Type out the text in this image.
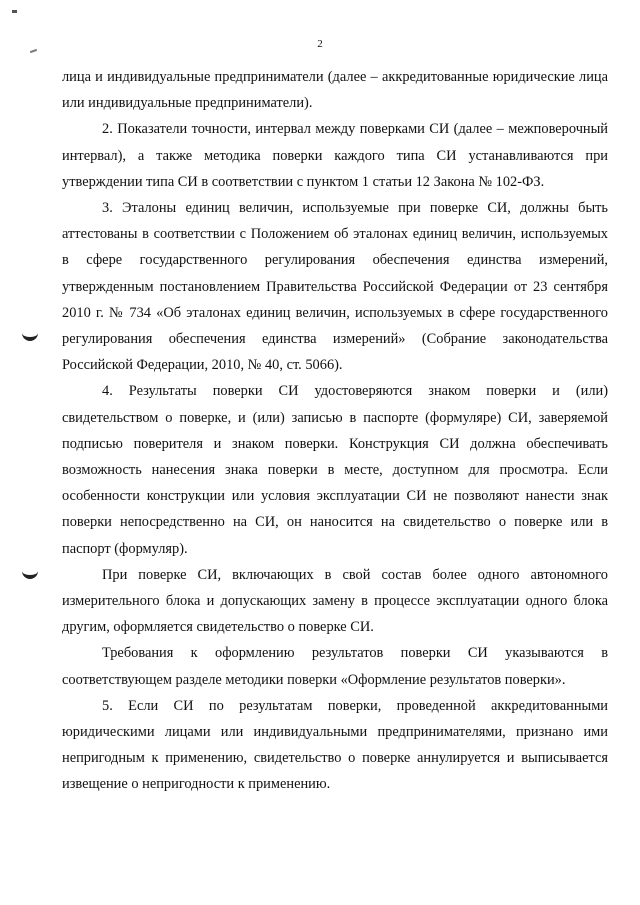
2

лица и индивидуальные предприниматели (далее – аккредитованные юридические лица или индивидуальные предприниматели).

2. Показатели точности, интервал между поверками СИ (далее – межповерочный интервал), а также методика поверки каждого типа СИ устанавливаются при утверждении типа СИ в соответствии с пунктом 1 статьи 12 Закона № 102-ФЗ.

3. Эталоны единиц величин, используемые при поверке СИ, должны быть аттестованы в соответствии с Положением об эталонах единиц величин, используемых в сфере государственного регулирования обеспечения единства измерений, утвержденным постановлением Правительства Российской Федерации от 23 сентября 2010 г. № 734 «Об эталонах единиц величин, используемых в сфере государственного регулирования обеспечения единства измерений» (Собрание законодательства Российской Федерации, 2010, № 40, ст. 5066).

4. Результаты поверки СИ удостоверяются знаком поверки и (или) свидетельством о поверке, и (или) записью в паспорте (формуляре) СИ, заверяемой подписью поверителя и знаком поверки. Конструкция СИ должна обеспечивать возможность нанесения знака поверки в месте, доступном для просмотра. Если особенности конструкции или условия эксплуатации СИ не позволяют нанести знак поверки непосредственно на СИ, он наносится на свидетельство о поверке или в паспорт (формуляр).

При поверке СИ, включающих в свой состав более одного автономного измерительного блока и допускающих замену в процессе эксплуатации одного блока другим, оформляется свидетельство о поверке СИ.

Требования к оформлению результатов поверки СИ указываются в соответствующем разделе методики поверки «Оформление результатов поверки».

5. Если СИ по результатам поверки, проведенной аккредитованными юридическими лицами или индивидуальными предпринимателями, признано ими непригодным к применению, свидетельство о поверке аннулируется и выписывается извещение о непригодности к применению.
